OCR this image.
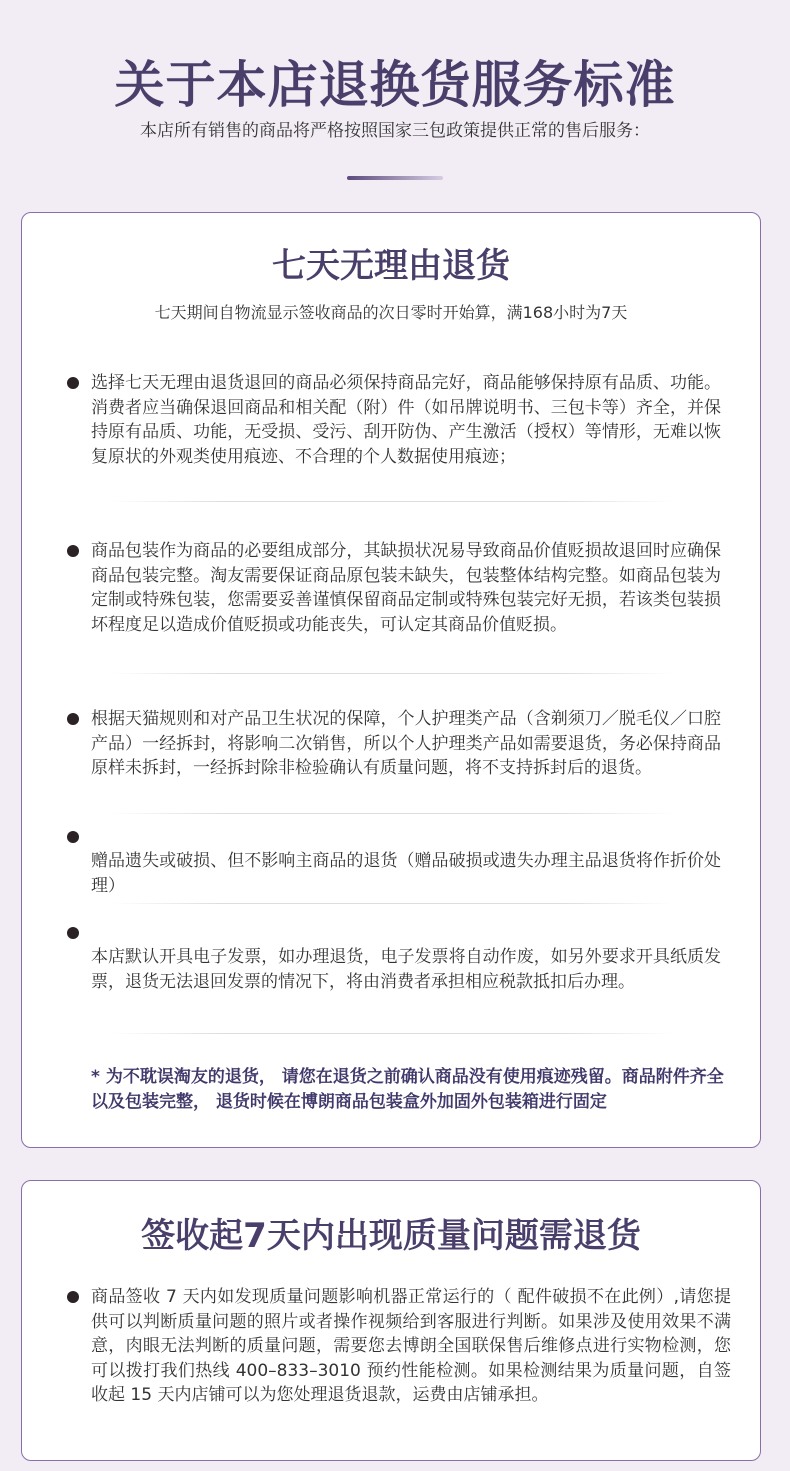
关于本店退换货服务标准
本店所有销售的商品将严格按照国家三包政策提供正常的售后服务：
七天无理由退货
七天期间自物流显示签收商品的次日零时开始算，满168小时为7天
选择七天无理由退货退回的商品必须保持商品完好，商品能够保持原有品质、功能。消费者应当确保退回商品和相关配（附）件（如吊牌说明书、三包卡等）齐全，并保持原有品质、功能，无受损、受污、刮开防伪、产生激活（授权）等情形，无难以恢复原状的外观类使用痕迹、不合理的个人数据使用痕迹；
商品包装作为商品的必要组成部分，其缺损状况易导致商品价值贬损故退回时应确保商品包装完整。淘友需要保证商品原包装未缺失，包装整体结构完整。如商品包装为定制或特殊包装，您需要妥善谨慎保留商品定制或特殊包装完好无损，若该类包装损坏程度足以造成价值贬损或功能丧失，可认定其商品价值贬损。
根据天猫规则和对产品卫生状况的保障，个人护理类产品（含剃须刀／脱毛仪／口腔产品）一经拆封，将影响二次销售，所以个人护理类产品如需要退货，务必保持商品原样未拆封，一经拆封除非检验确认有质量问题，将不支持拆封后的退货。
赠品遗失或破损、但不影响主商品的退货（赠品破损或遗失办理主品退货将作折价处理）
本店默认开具电子发票，如办理退货，电子发票将自动作废，如另外要求开具纸质发票，退货无法退回发票的情况下，将由消费者承担相应税款抵扣后办理。
* 为不耽误淘友的退货， 请您在退货之前确认商品没有使用痕迹残留。商品附件齐全以及包装完整， 退货时候在博朗商品包装盒外加固外包装箱进行固定
签收起7天内出现质量问题需退货
商品签收 7 天内如发现质量问题影响机器正常运行的（ 配件破损不在此例）,请您提供可以判断质量问题的照片或者操作视频给到客服进行判断。如果涉及使用效果不满意，肉眼无法判断的质量问题，需要您去博朗全国联保售后维修点进行实物检测，您可以拨打我们热线 400–833–3010 预约性能检测。如果检测结果为质量问题，自签收起 15 天内店铺可以为您处理退货退款，运费由店铺承担。
